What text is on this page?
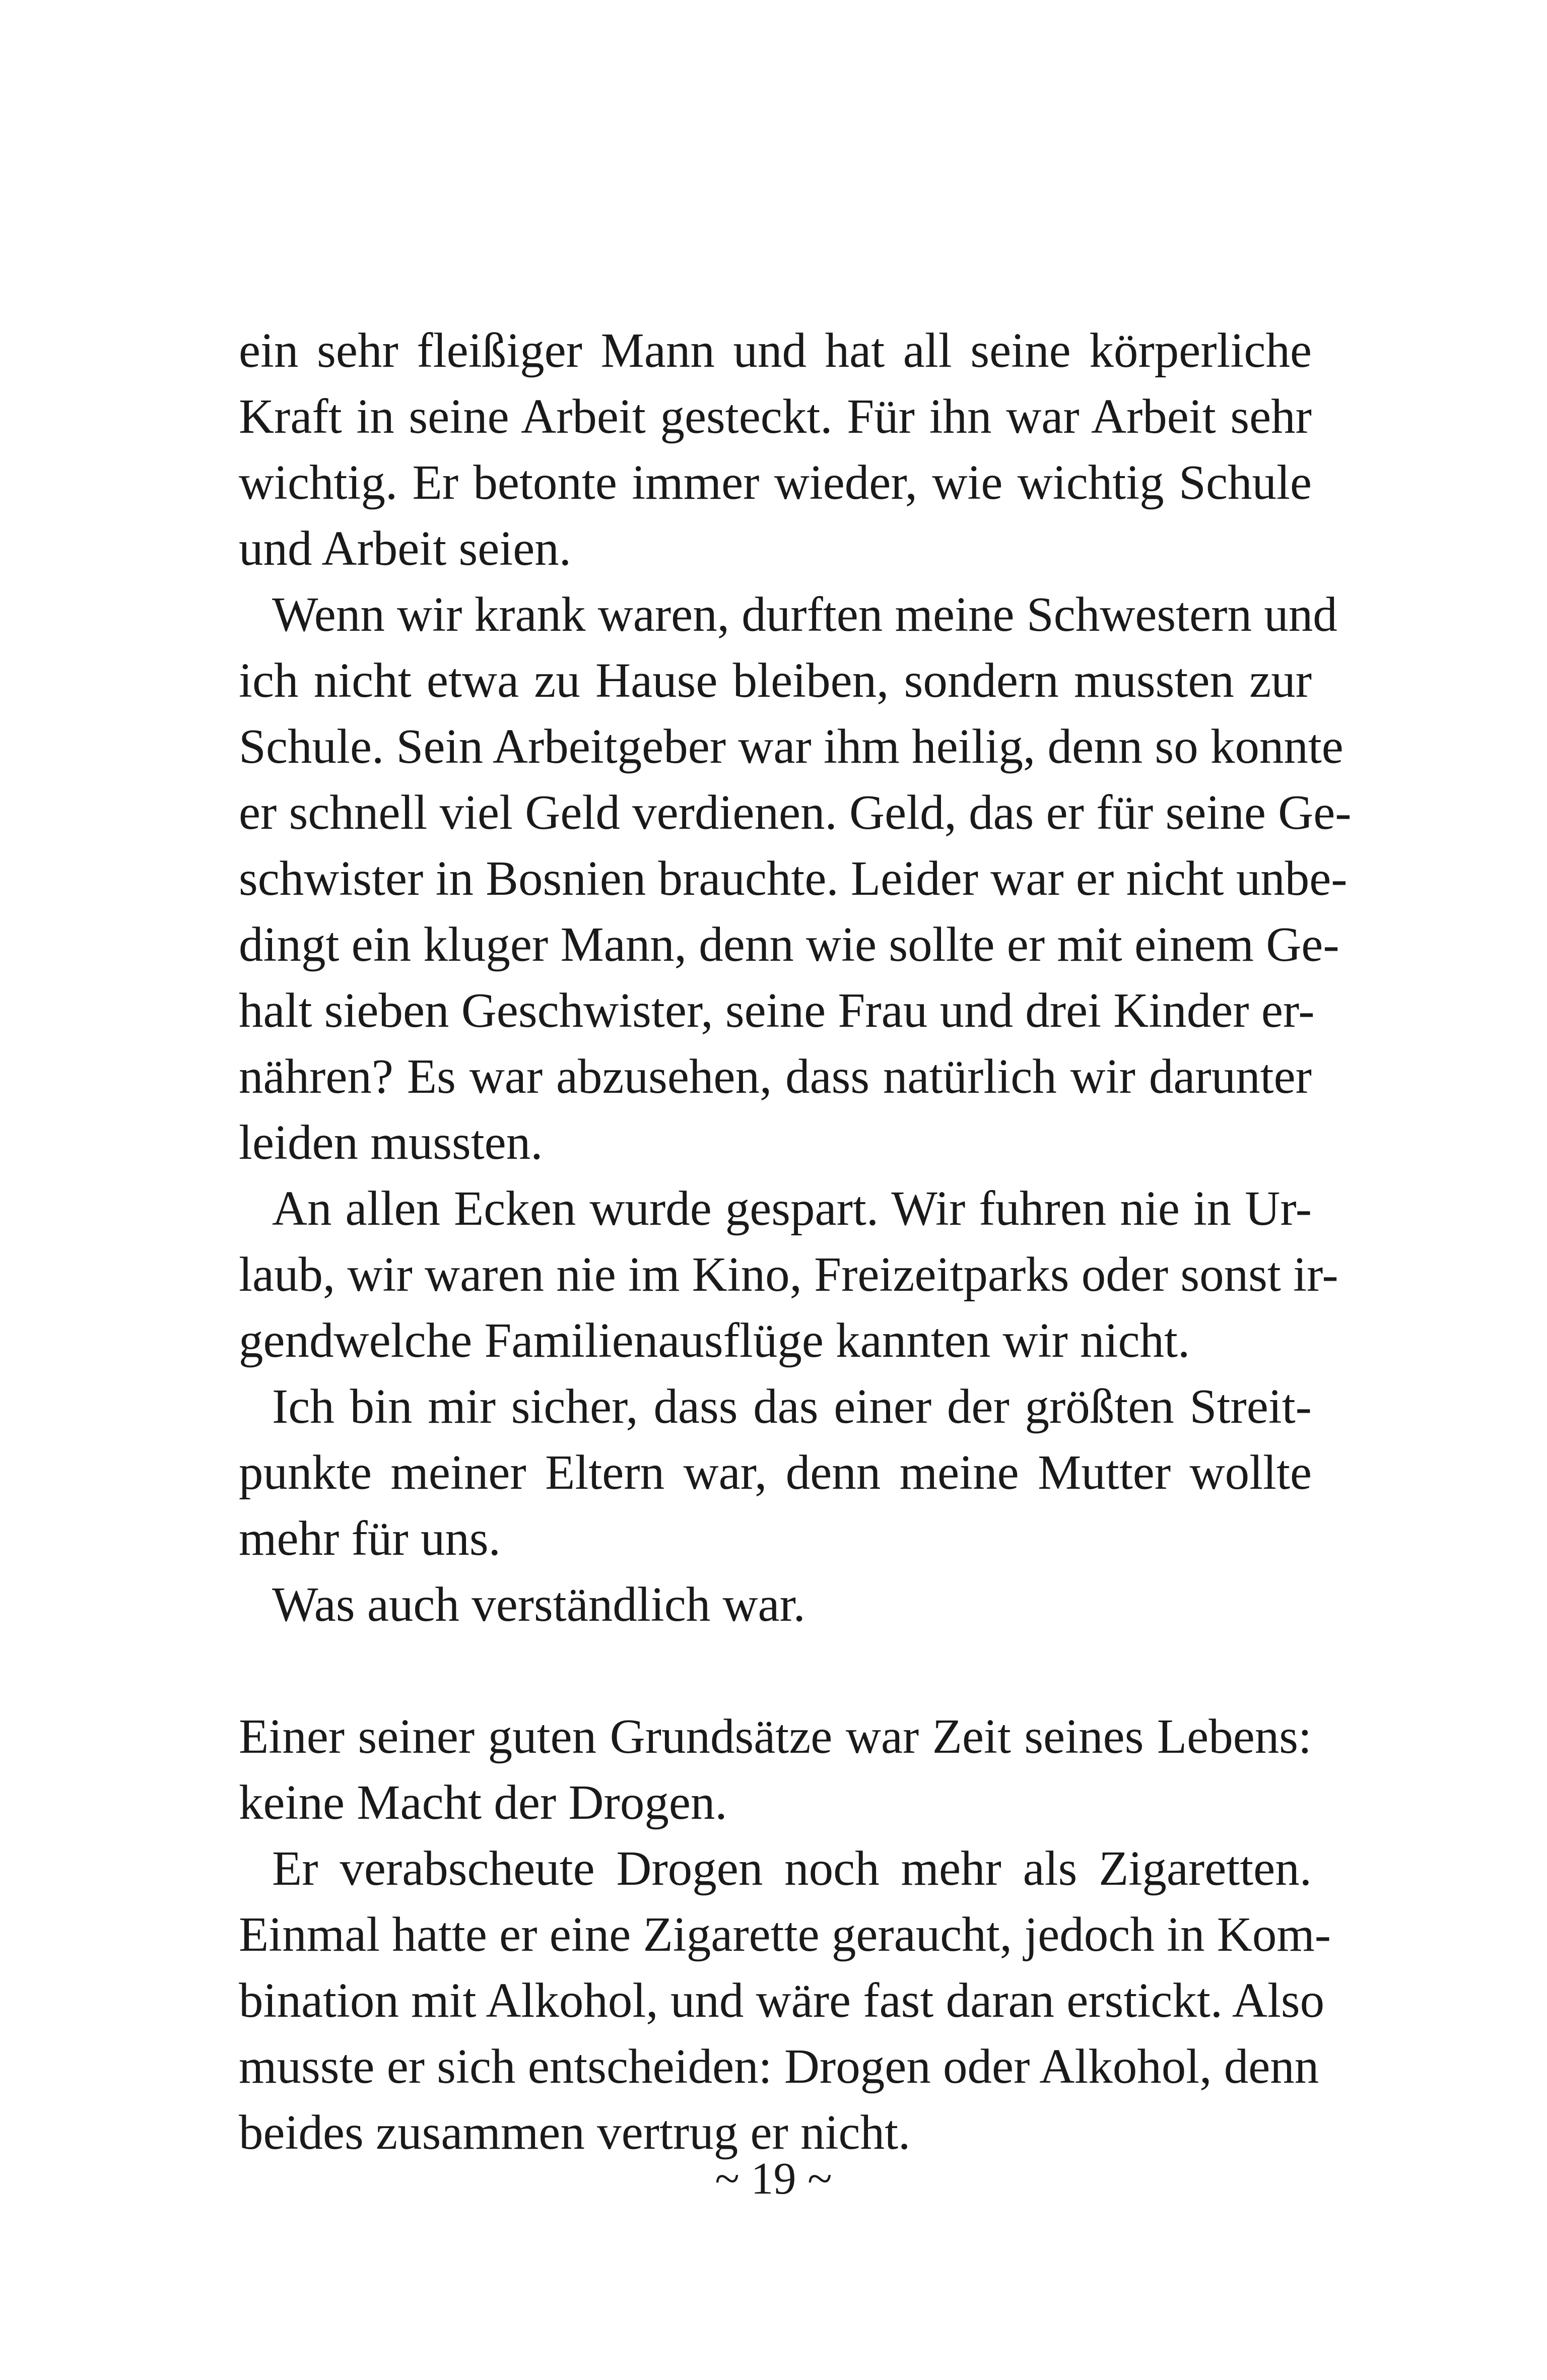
ein sehr fleißiger Mann und hat all seine körperliche
Kraft in seine Arbeit gesteckt. Für ihn war Arbeit sehr
wichtig. Er betonte immer wieder, wie wichtig Schule
und Arbeit seien.
Wenn wir krank waren, durften meine Schwestern und
ich nicht etwa zu Hause bleiben, sondern mussten zur
Schule. Sein Arbeitgeber war ihm heilig, denn so konnte
er schnell viel Geld verdienen. Geld, das er für seine Ge-
schwister in Bosnien brauchte. Leider war er nicht unbe-
dingt ein kluger Mann, denn wie sollte er mit einem Ge-
halt sieben Geschwister, seine Frau und drei Kinder er-
nähren? Es war abzusehen, dass natürlich wir darunter
leiden mussten.
An allen Ecken wurde gespart. Wir fuhren nie in Ur-
laub, wir waren nie im Kino, Freizeitparks oder sonst ir-
gendwelche Familienausflüge kannten wir nicht.
Ich bin mir sicher, dass das einer der größten Streit-
punkte meiner Eltern war, denn meine Mutter wollte
mehr für uns.
Was auch verständlich war.
Einer seiner guten Grundsätze war Zeit seines Lebens:
keine Macht der Drogen.
Er verabscheute Drogen noch mehr als Zigaretten.
Einmal hatte er eine Zigarette geraucht, jedoch in Kom-
bination mit Alkohol, und wäre fast daran erstickt. Also
musste er sich entscheiden: Drogen oder Alkohol, denn
beides zusammen vertrug er nicht.
~ 19 ~
